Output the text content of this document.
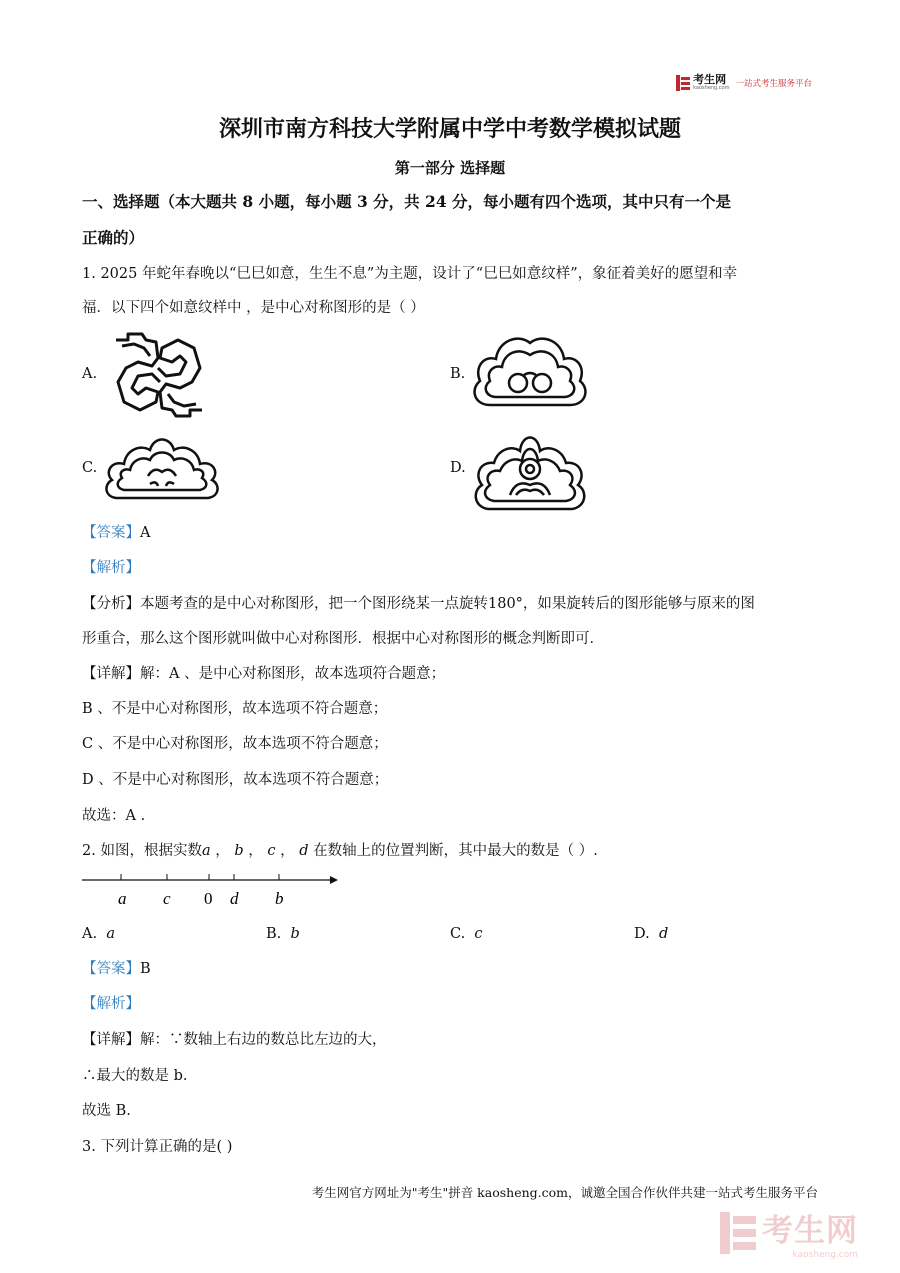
考生网
kaosheng.com 一站式考生服务平台
深圳市南方科技大学附属中学中考数学模拟试题
第一部分 选择题
一、选择题（本大题共 8 小题，每小题 3 分，共 24 分，每小题有四个选项，其中只有一个是
正确的）
1. 2025 年蛇年春晚以“巳巳如意，生生不息”为主题，设计了“巳巳如意纹样”，象征着美好的愿望和幸
福．以下四个如意纹样中 ，是中心对称图形的是（ ）
A.	B.
C.	D.
【答案】A
【解析】
【分析】本题考查的是中心对称图形，把一个图形绕某一点旋转180°，如果旋转后的图形能够与原来的图
形重合，那么这个图形就叫做中心对称图形．根据中心对称图形的概念判断即可．
【详解】解：A 、是中心对称图形，故本选项符合题意；
B 、不是中心对称图形，故本选项不符合题意；
C 、不是中心对称图形，故本选项不符合题意；
D 、不是中心对称图形，故本选项不符合题意；
故选：A .
2. 如图，根据实数a ， b ， c ， d 在数轴上的位置判断，其中最大的数是（ ）.
a c 0 d b
A. a	B. b	C. c	D. d
【答案】B
【解析】
【详解】解：∵数轴上右边的数总比左边的大，
∴最大的数是 b.
故选 B.
3. 下列计算正确的是( )
考生网官方网址为"考生"拼音 kaosheng.com，诚邀全国合作伙伴共建一站式考生服务平台
考生网
kaosheng.com
